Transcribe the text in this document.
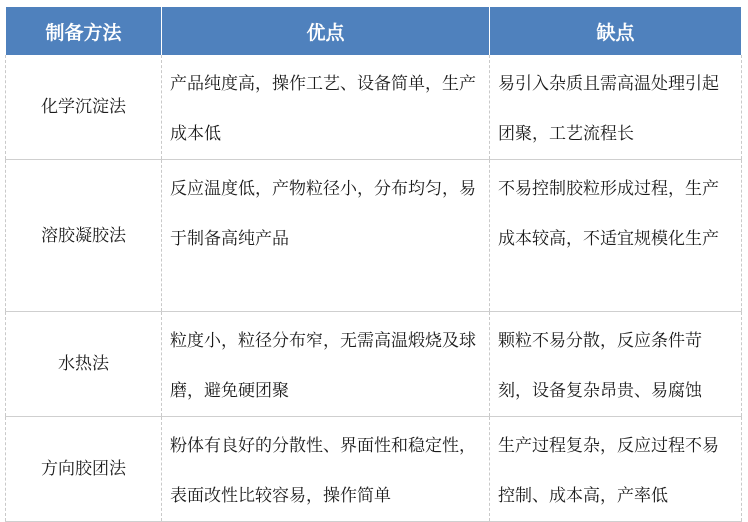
制备方法	优点	缺点
化学沉淀法	产品纯度高，操作工艺、设备简单，生产成本低	易引入杂质且需高温处理引起团聚，工艺流程长
溶胶凝胶法	反应温度低，产物粒径小，分布均匀，易于制备高纯产品	不易控制胶粒形成过程，生产成本较高，不适宜规模化生产
水热法	粒度小，粒径分布窄，无需高温煅烧及球磨，避免硬团聚	颗粒不易分散，反应条件苛刻，设备复杂昂贵、易腐蚀
方向胶团法	粉体有良好的分散性、界面性和稳定性，表面改性比较容易，操作简单	生产过程复杂，反应过程不易控制、成本高，产率低
